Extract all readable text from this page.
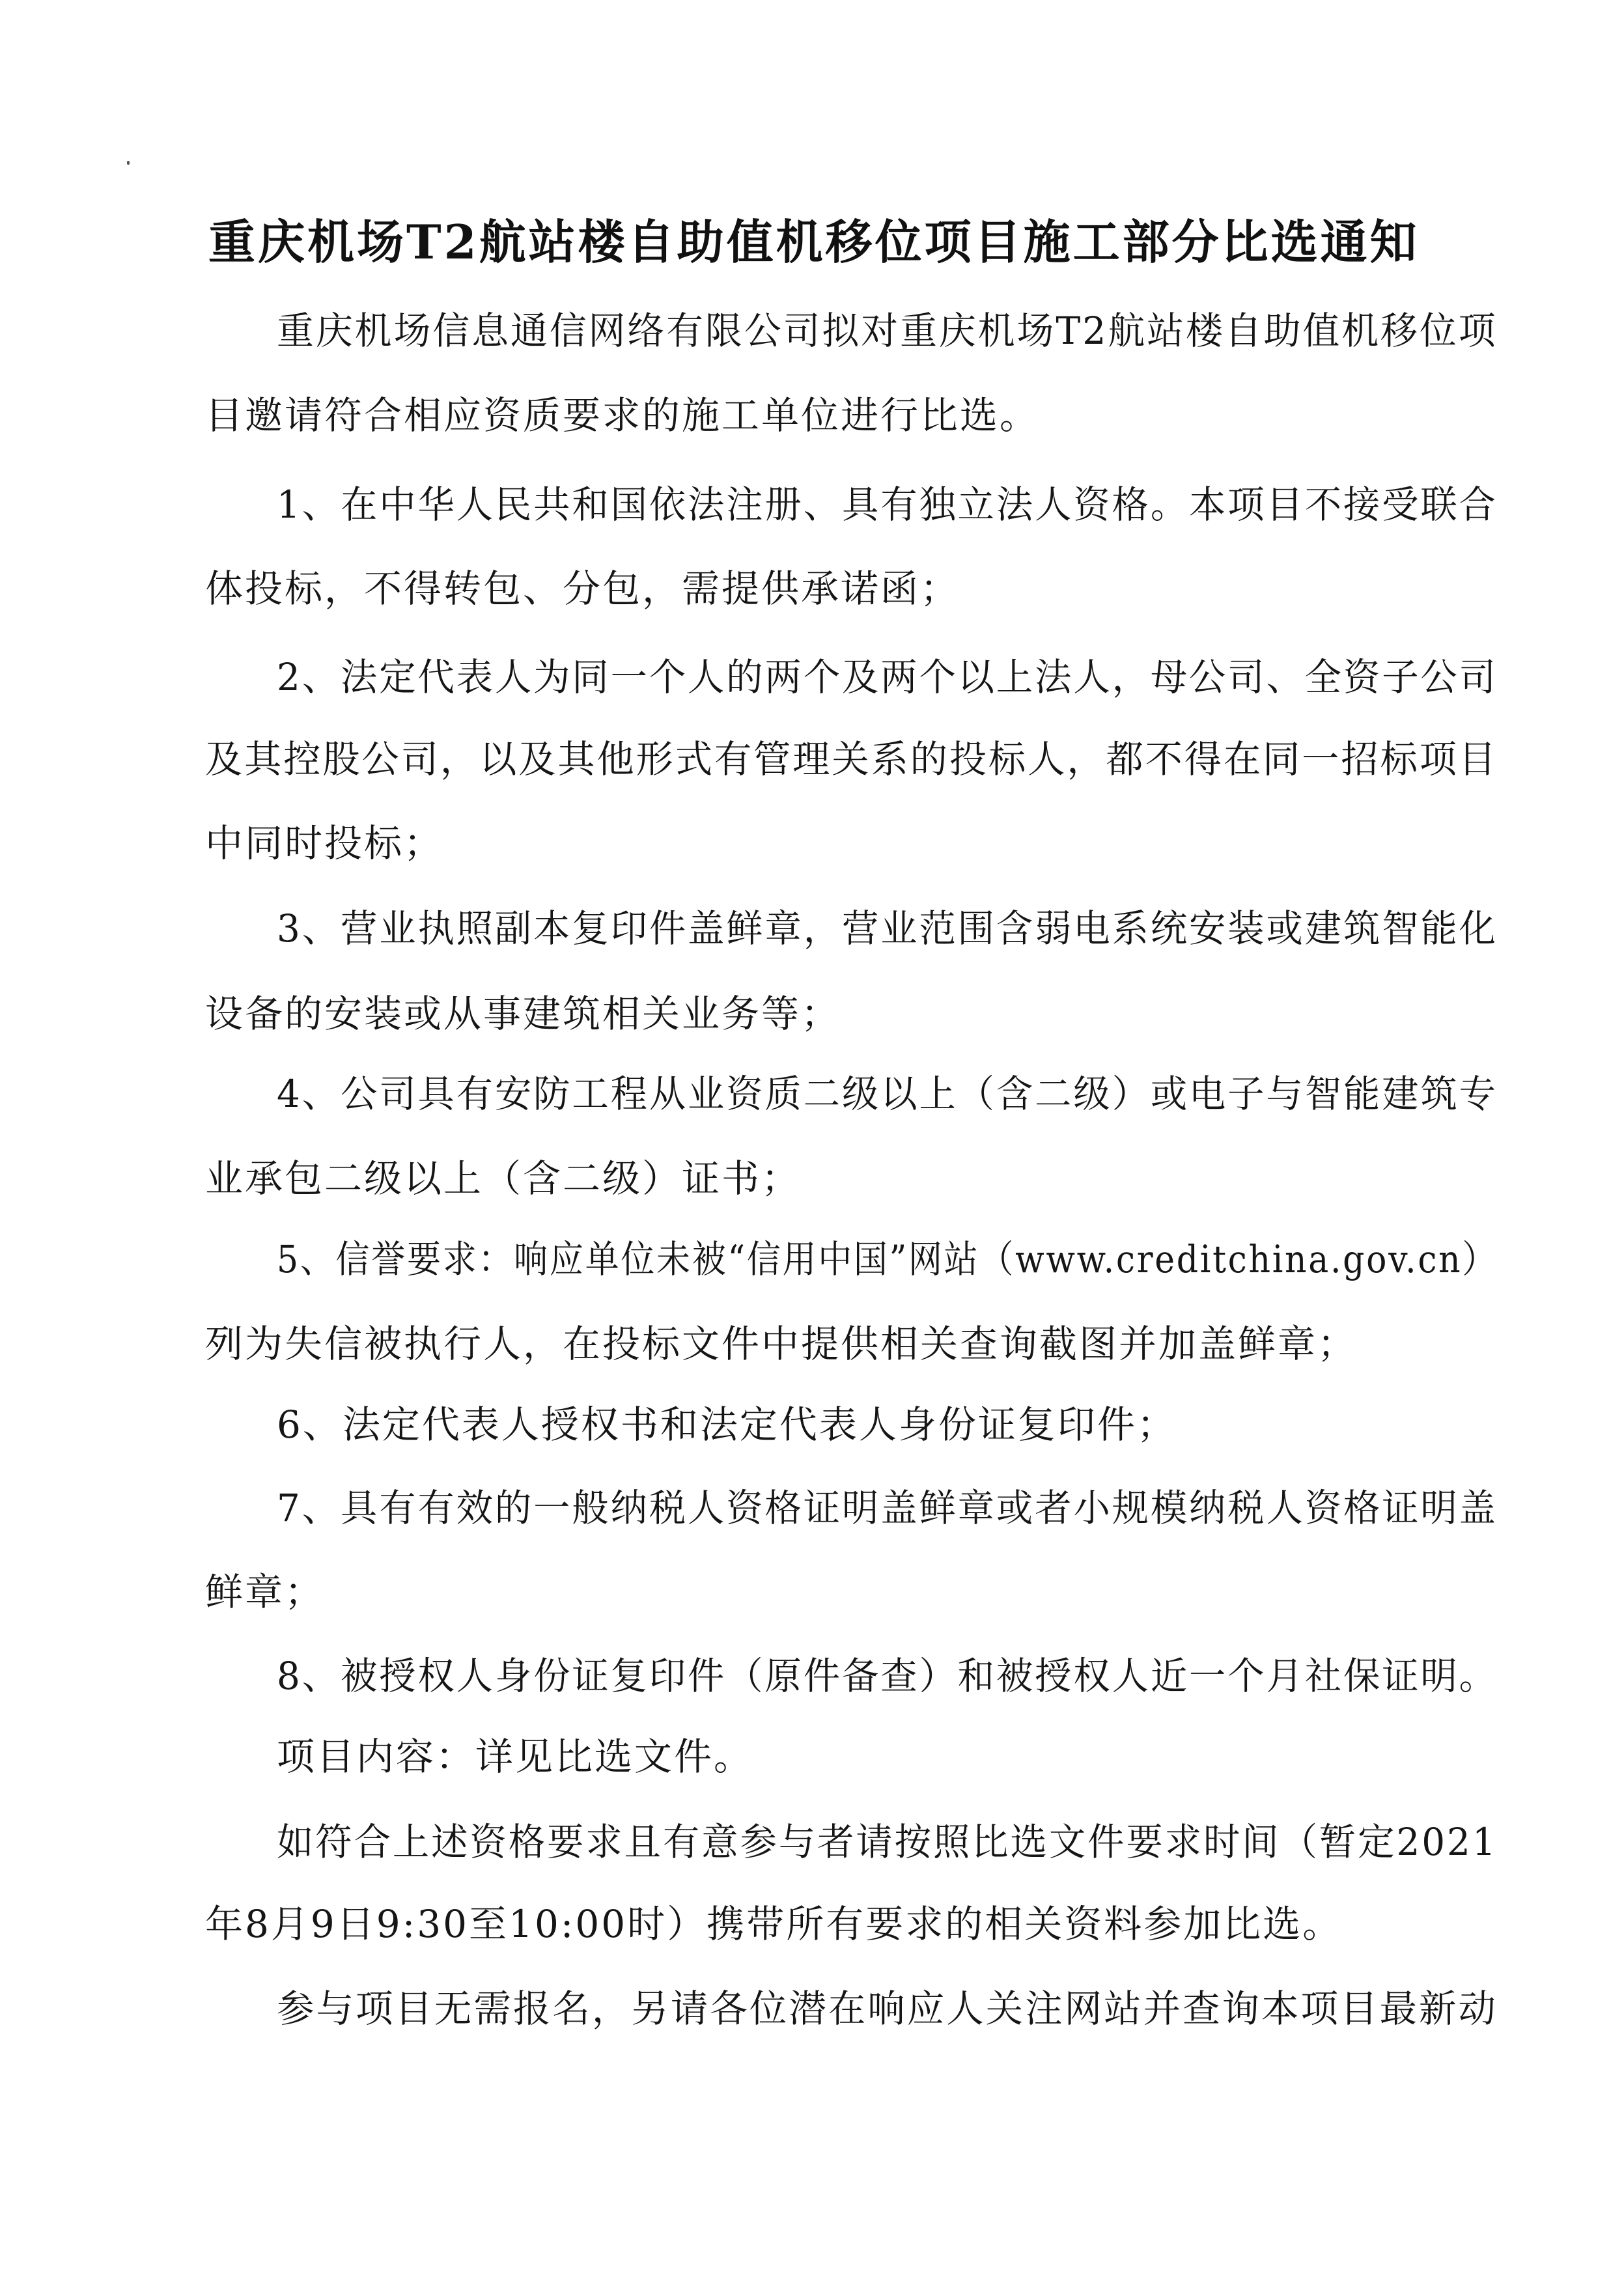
重庆机场T2航站楼自助值机移位项目施工部分比选通知
重庆机场信息通信网络有限公司拟对重庆机场T2航站楼自助值机移位项
目邀请符合相应资质要求的施工单位进行比选。
1、在中华人民共和国依法注册、具有独立法人资格。本项目不接受联合
体投标，不得转包、分包，需提供承诺函；
2、法定代表人为同一个人的两个及两个以上法人，母公司、全资子公司
及其控股公司，以及其他形式有管理关系的投标人，都不得在同一招标项目
中同时投标；
3、营业执照副本复印件盖鲜章，营业范围含弱电系统安装或建筑智能化
设备的安装或从事建筑相关业务等；
4、公司具有安防工程从业资质二级以上（含二级）或电子与智能建筑专
业承包二级以上（含二级）证书；
5、信誉要求：响应单位未被“信用中国”网站（www.creditchina.gov.cn）
列为失信被执行人，在投标文件中提供相关查询截图并加盖鲜章；
6、法定代表人授权书和法定代表人身份证复印件；
7、具有有效的一般纳税人资格证明盖鲜章或者小规模纳税人资格证明盖
鲜章；
8、被授权人身份证复印件（原件备查）和被授权人近一个月社保证明。
项目内容：详见比选文件。
如符合上述资格要求且有意参与者请按照比选文件要求时间（暂定2021
年8月9日9:30至10:00时）携带所有要求的相关资料参加比选。
参与项目无需报名，另请各位潜在响应人关注网站并查询本项目最新动
